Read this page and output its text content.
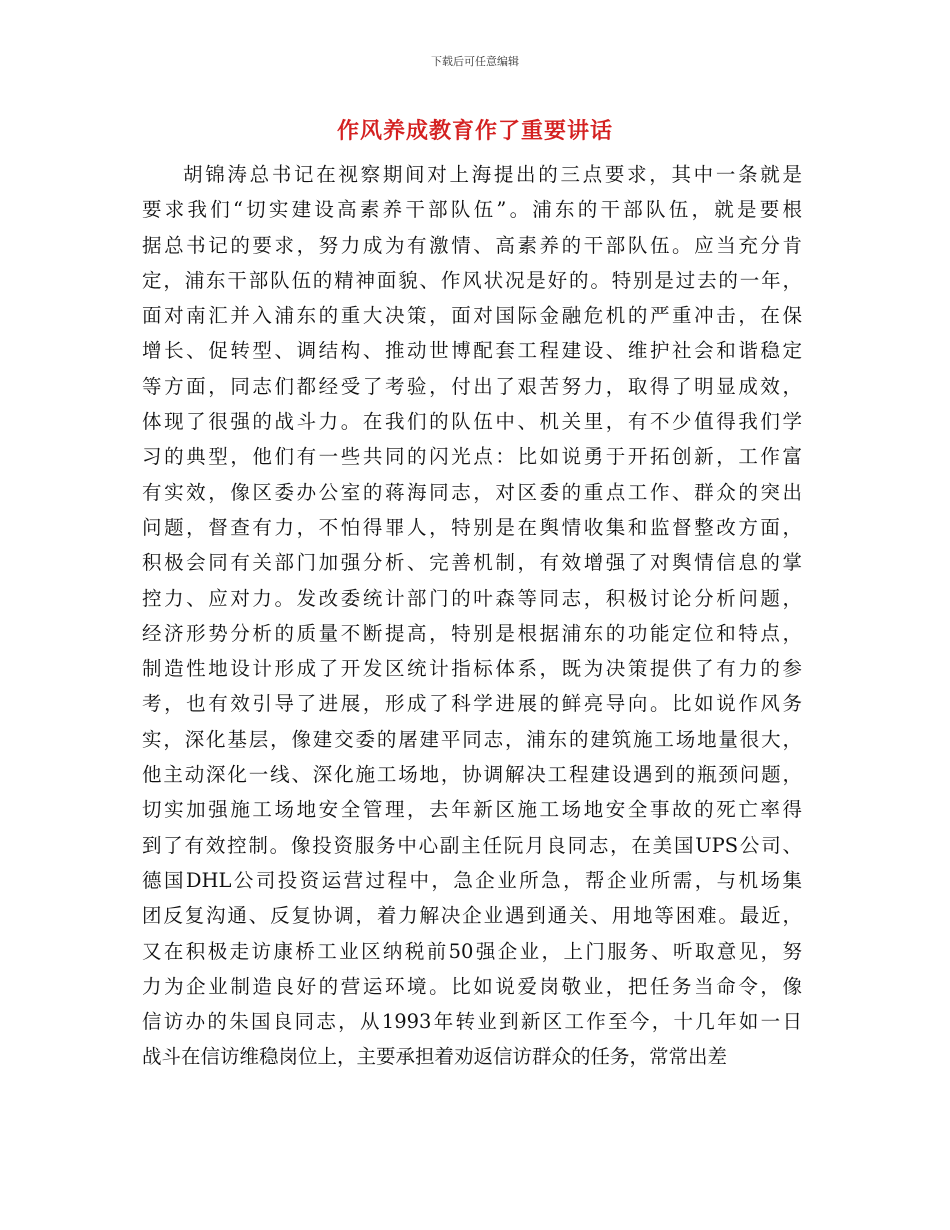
下载后可任意编辑
作风养成教育作了重要讲话
胡锦涛总书记在视察期间对上海提出的三点要求，其中一条就是
要求我们“切实建设高素养干部队伍”。浦东的干部队伍，就是要根
据总书记的要求，努力成为有激情、高素养的干部队伍。应当充分肯
定，浦东干部队伍的精神面貌、作风状况是好的。特别是过去的一年，
面对南汇并入浦东的重大决策，面对国际金融危机的严重冲击，在保
增长、促转型、调结构、推动世博配套工程建设、维护社会和谐稳定
等方面，同志们都经受了考验，付出了艰苦努力，取得了明显成效，
体现了很强的战斗力。在我们的队伍中、机关里，有不少值得我们学
习的典型，他们有一些共同的闪光点：比如说勇于开拓创新，工作富
有实效，像区委办公室的蒋海同志，对区委的重点工作、群众的突出
问题，督查有力，不怕得罪人，特别是在舆情收集和监督整改方面，
积极会同有关部门加强分析、完善机制，有效增强了对舆情信息的掌
控力、应对力。发改委统计部门的叶森等同志，积极讨论分析问题，
经济形势分析的质量不断提高，特别是根据浦东的功能定位和特点，
制造性地设计形成了开发区统计指标体系，既为决策提供了有力的参
考，也有效引导了进展，形成了科学进展的鲜亮导向。比如说作风务
实，深化基层，像建交委的屠建平同志，浦东的建筑施工场地量很大，
他主动深化一线、深化施工场地，协调解决工程建设遇到的瓶颈问题，
切实加强施工场地安全管理，去年新区施工场地安全事故的死亡率得
到了有效控制。像投资服务中心副主任阮月良同志，在美国UPS公司、
德国DHL公司投资运营过程中，急企业所急，帮企业所需，与机场集
团反复沟通、反复协调，着力解决企业遇到通关、用地等困难。最近，
又在积极走访康桥工业区纳税前50强企业，上门服务、听取意见，努
力为企业制造良好的营运环境。比如说爱岗敬业，把任务当命令，像
信访办的朱国良同志，从1993年转业到新区工作至今，十几年如一日
战斗在信访维稳岗位上，主要承担着劝返信访群众的任务，常常出差
